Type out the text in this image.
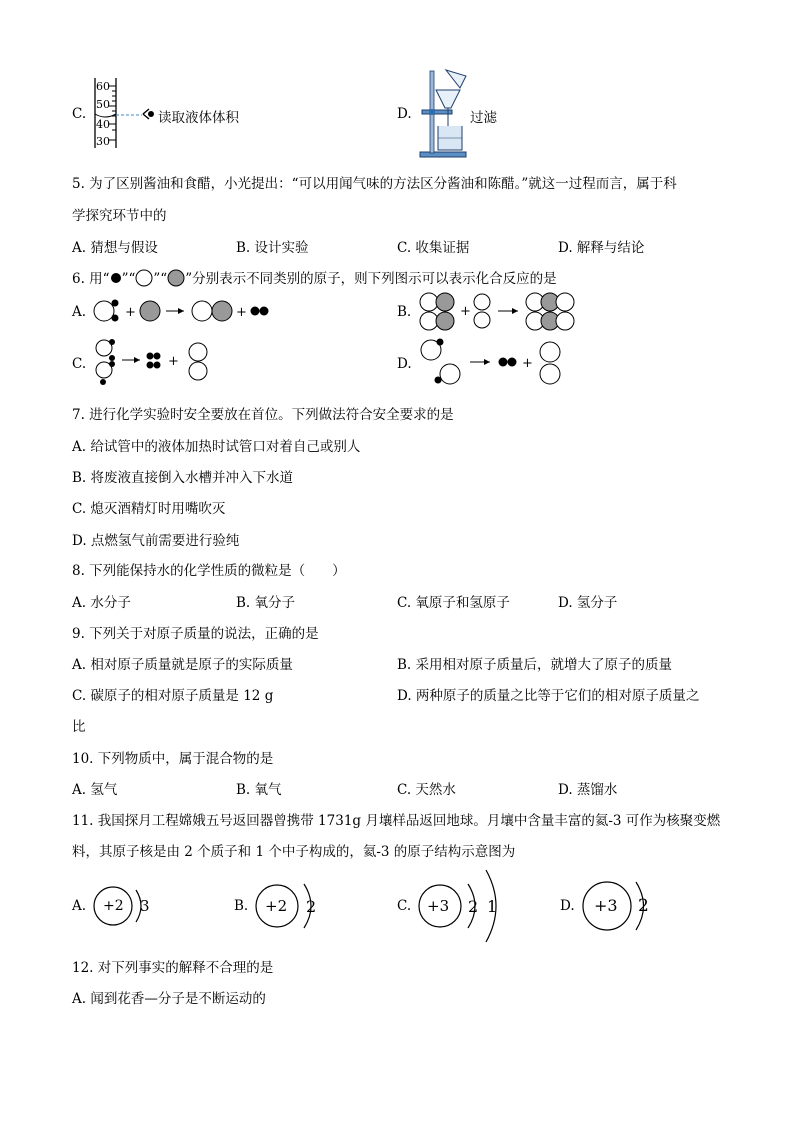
C.
60
50
40
30
读取液体体积	D.	过滤
5. 为了区别酱油和食醋，小光提出：“可以用闻气味的方法区分酱油和陈醋。”就这一过程而言，属于科
学探究环节中的
A. 猜想与假设	B. 设计实验	C. 收集证据	D. 解释与结论
6. 用“ ”“ ”“ ”分别表示不同类别的原子，则下列图示可以表示化合反应的是
A.	+	+	B.	+
C.	+	D.	+
7. 进行化学实验时安全要放在首位。下列做法符合安全要求的是
A. 给试管中的液体加热时试管口对着自己或别人
B. 将废液直接倒入水槽并冲入下水道
C. 熄灭酒精灯时用嘴吹灭
D. 点燃氢气前需要进行验纯
8. 下列能保持水的化学性质的微粒是（　　）
A. 水分子	B. 氧分子	C. 氧原子和氢原子	D. 氢分子
9. 下列关于对原子质量的说法，正确的是
A. 相对原子质量就是原子的实际质量	B. 采用相对原子质量后，就增大了原子的质量
C. 碳原子的相对原子质量是 12 g	D. 两种原子的质量之比等于它们的相对原子质量之
比
10. 下列物质中，属于混合物的是
A. 氢气	B. 氧气	C. 天然水	D. 蒸馏水
11. 我国探月工程嫦娥五号返回器曾携带 1731g 月壤样品返回地球。月壤中含量丰富的氦-3 可作为核聚变燃
料，其原子核是由 2 个质子和 1 个中子构成的，氦-3 的原子结构示意图为
A. +2 3	B. +2 2	C. +3 2 1	D. +3 2
12. 对下列事实的解释不合理的是
A. 闻到花香—分子是不断运动的
